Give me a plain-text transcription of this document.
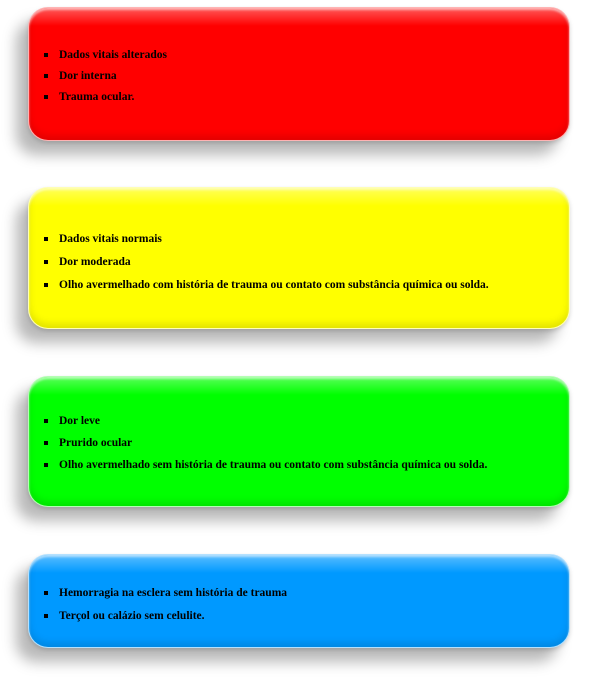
Dados vitais alterados
Dor interna
Trauma ocular.
Dados vitais normais
Dor moderada
Olho avermelhado com história de trauma ou contato com substância química ou solda.
Dor leve
Prurido ocular
Olho avermelhado sem história de trauma ou contato com substância química ou solda.
Hemorragia na esclera sem história de trauma
Terçol ou calázio sem celulite.
